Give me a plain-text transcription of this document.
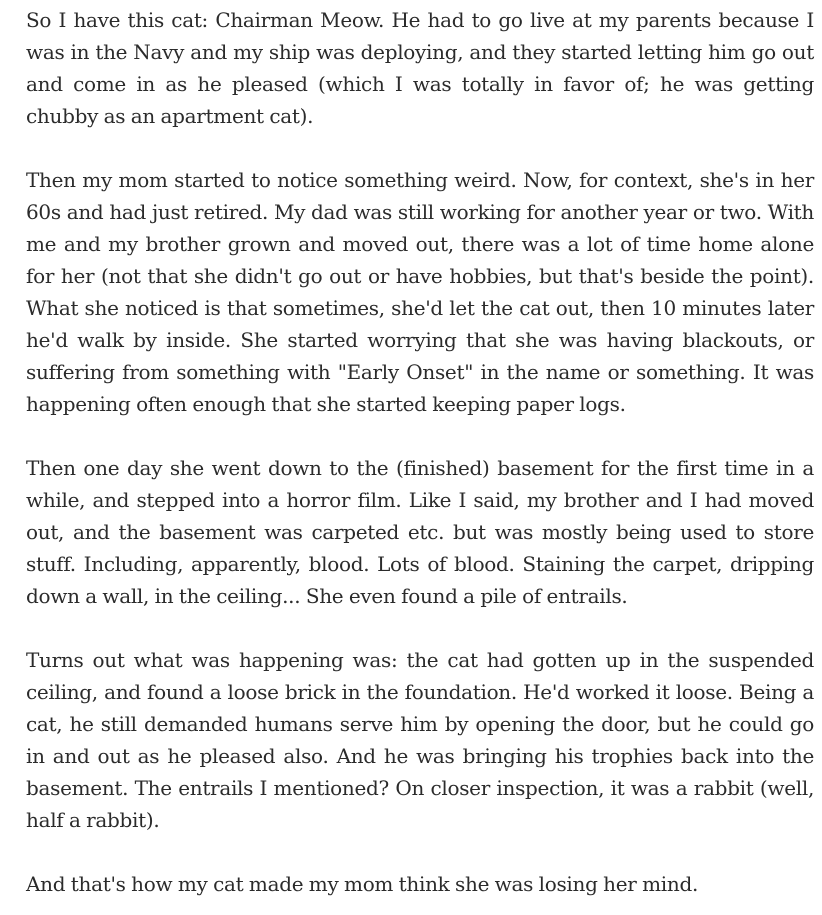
So I have this cat: Chairman Meow. He had to go live at my parents because I was in the Navy and my ship was deploying, and they started letting him go out and come in as he pleased (which I was totally in favor of; he was getting chubby as an apartment cat).

Then my mom started to notice something weird. Now, for context, she's in her 60s and had just retired. My dad was still working for another year or two. With me and my brother grown and moved out, there was a lot of time home alone for her (not that she didn't go out or have hobbies, but that's beside the point). What she noticed is that sometimes, she'd let the cat out, then 10 minutes later he'd walk by inside. She started worrying that she was having blackouts, or suffering from something with "Early Onset" in the name or something. It was happening often enough that she started keeping paper logs.

Then one day she went down to the (finished) basement for the first time in a while, and stepped into a horror film. Like I said, my brother and I had moved out, and the basement was carpeted etc. but was mostly being used to store stuff. Including, apparently, blood. Lots of blood. Staining the carpet, dripping down a wall, in the ceiling... She even found a pile of entrails.

Turns out what was happening was: the cat had gotten up in the suspended ceiling, and found a loose brick in the foundation. He'd worked it loose. Being a cat, he still demanded humans serve him by opening the door, but he could go in and out as he pleased also. And he was bringing his trophies back into the basement. The entrails I mentioned? On closer inspection, it was a rabbit (well, half a rabbit).

And that's how my cat made my mom think she was losing her mind.
